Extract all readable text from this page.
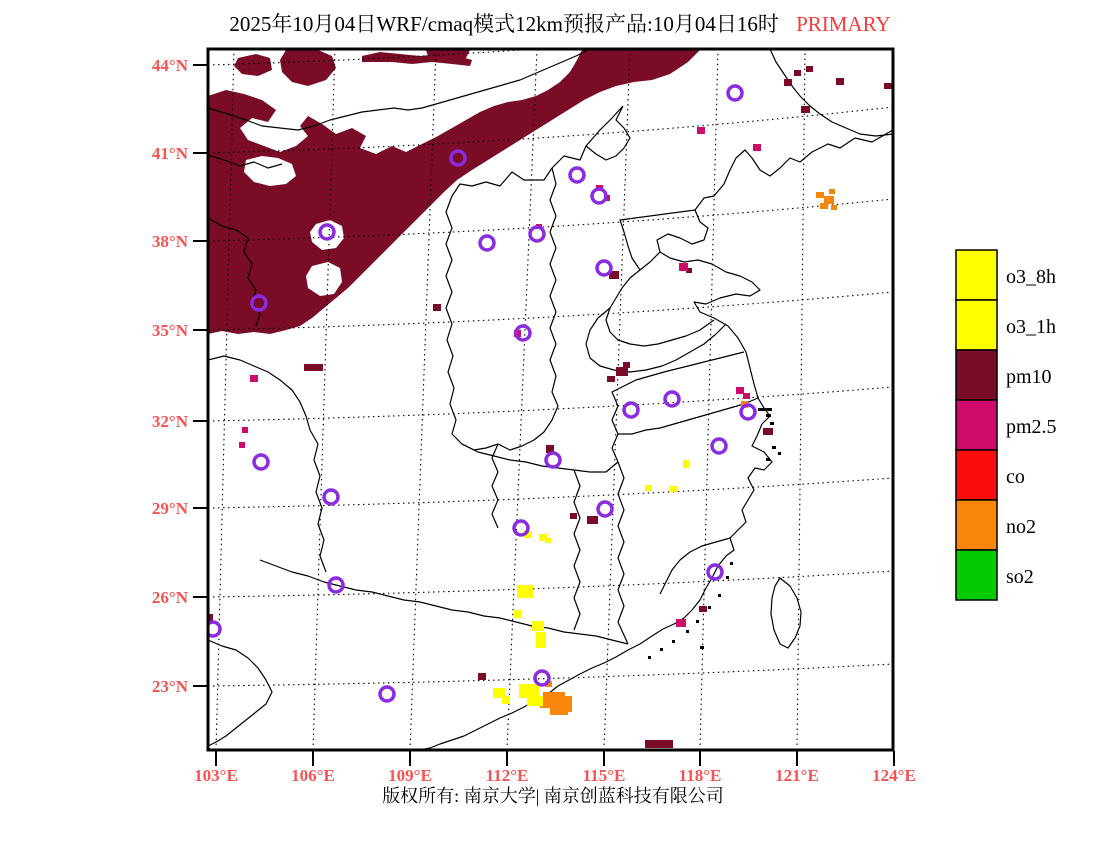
2025年10月04日WRF/cmaq模式12km预报产品:10月04日16时 PRIMARY
44°N
41°N
38°N
35°N
32°N
29°N
26°N
23°N
103°E	106°E	109°E	112°E	115°E	118°E	121°E	124°E
o3_8h
o3_1h
pm10
pm2.5
co
no2
so2
版权所有: 南京大学| 南京创蓝科技有限公司
